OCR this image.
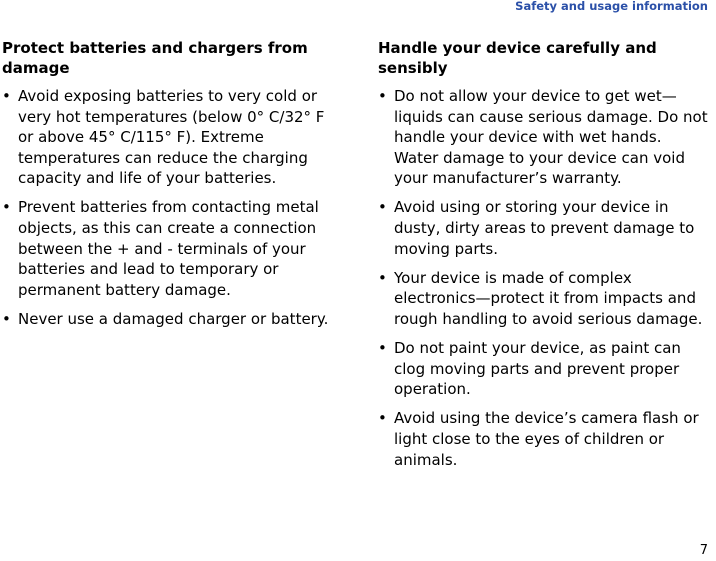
Safety and usage information
Protect batteries and chargers from damage
• Avoid exposing batteries to very cold or very hot temperatures (below 0° C/32° F or above 45° C/115° F). Extreme temperatures can reduce the charging capacity and life of your batteries.
• Prevent batteries from contacting metal objects, as this can create a connection between the + and - terminals of your batteries and lead to temporary or permanent battery damage.
• Never use a damaged charger or battery.
Handle your device carefully and sensibly
• Do not allow your device to get wet—liquids can cause serious damage. Do not handle your device with wet hands. Water damage to your device can void your manufacturer’s warranty.
• Avoid using or storing your device in dusty, dirty areas to prevent damage to moving parts.
• Your device is made of complex electronics—protect it from impacts and rough handling to avoid serious damage.
• Do not paint your device, as paint can clog moving parts and prevent proper operation.
• Avoid using the device’s camera flash or light close to the eyes of children or animals.
7
